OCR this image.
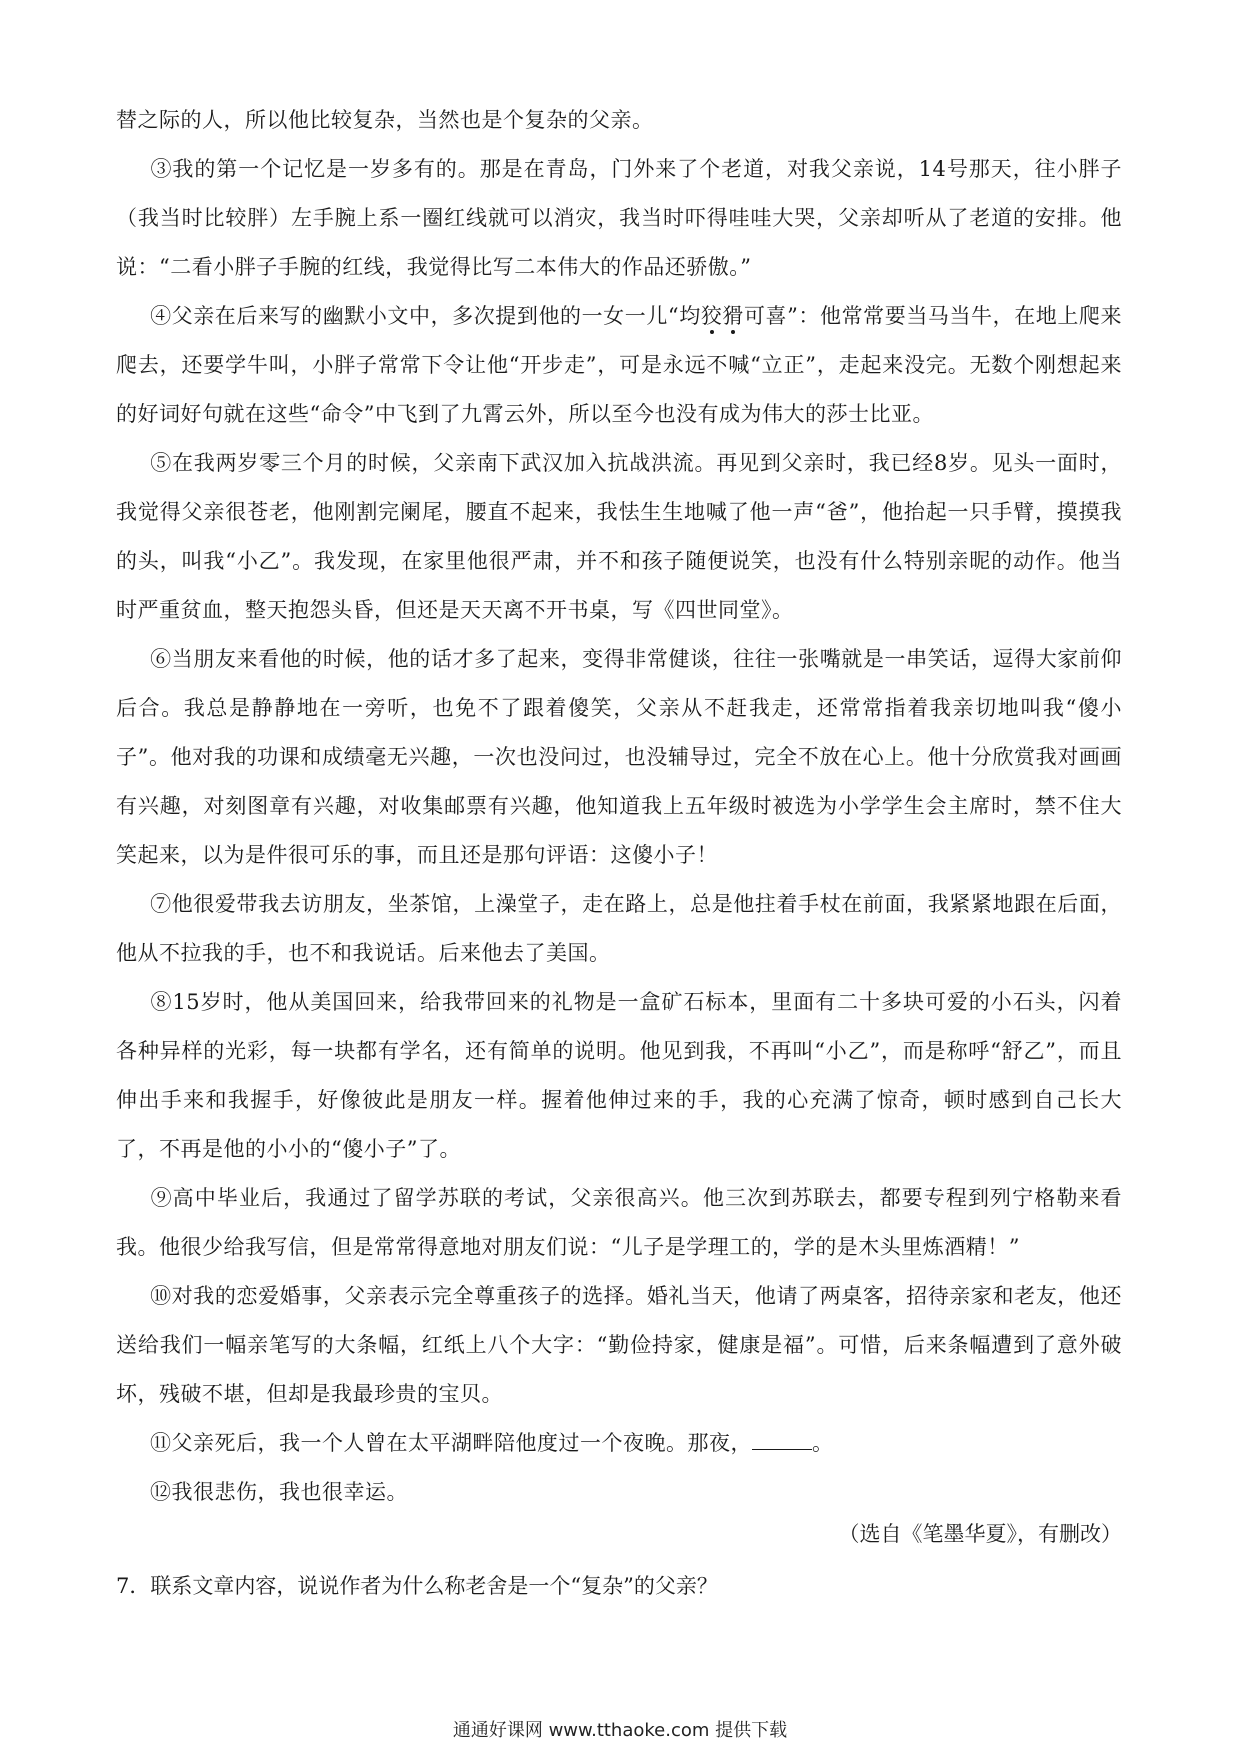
替之际的人，所以他比较复杂，当然也是个复杂的父亲。

③我的第一个记忆是一岁多有的。那是在青岛，门外来了个老道，对我父亲说，14号那天，往小胖子（我当时比较胖）左手腕上系一圈红线就可以消灾，我当时吓得哇哇大哭，父亲却听从了老道的安排。他说：“二看小胖子手腕的红线，我觉得比写二本伟大的作品还骄傲。”

④父亲在后来写的幽默小文中，多次提到他的一女一儿“均狡猾可喜”：他常常要当马当牛，在地上爬来爬去，还要学牛叫，小胖子常常下令让他“开步走”，可是永远不喊“立正”，走起来没完。无数个刚想起来的好词好句就在这些“命令”中飞到了九霄云外，所以至今也没有成为伟大的莎士比亚。

⑤在我两岁零三个月的时候，父亲南下武汉加入抗战洪流。再见到父亲时，我已经8岁。见头一面时，我觉得父亲很苍老，他刚割完阑尾，腰直不起来，我怯生生地喊了他一声“爸”，他抬起一只手臂，摸摸我的头，叫我“小乙”。我发现，在家里他很严肃，并不和孩子随便说笑，也没有什么特别亲昵的动作。他当时严重贫血，整天抱怨头昏，但还是天天离不开书桌，写《四世同堂》。

⑥当朋友来看他的时候，他的话才多了起来，变得非常健谈，往往一张嘴就是一串笑话，逗得大家前仰后合。我总是静静地在一旁听，也免不了跟着傻笑，父亲从不赶我走，还常常指着我亲切地叫我“傻小子”。他对我的功课和成绩毫无兴趣，一次也没问过，也没辅导过，完全不放在心上。他十分欣赏我对画画有兴趣，对刻图章有兴趣，对收集邮票有兴趣，他知道我上五年级时被选为小学学生会主席时，禁不住大笑起来，以为是件很可乐的事，而且还是那句评语：这傻小子！

⑦他很爱带我去访朋友，坐茶馆，上澡堂子，走在路上，总是他拄着手杖在前面，我紧紧地跟在后面，他从不拉我的手，也不和我说话。后来他去了美国。

⑧15岁时，他从美国回来，给我带回来的礼物是一盒矿石标本，里面有二十多块可爱的小石头，闪着各种异样的光彩，每一块都有学名，还有简单的说明。他见到我，不再叫“小乙”，而是称呼“舒乙”，而且伸出手来和我握手，好像彼此是朋友一样。握着他伸过来的手，我的心充满了惊奇，顿时感到自己长大了，不再是他的小小的“傻小子”了。

⑨高中毕业后，我通过了留学苏联的考试，父亲很高兴。他三次到苏联去，都要专程到列宁格勒来看我。他很少给我写信，但是常常得意地对朋友们说：“儿子是学理工的，学的是木头里炼酒精！”

⑩对我的恋爱婚事，父亲表示完全尊重孩子的选择。婚礼当天，他请了两桌客，招待亲家和老友，他还送给我们一幅亲笔写的大条幅，红纸上八个大字：“勤俭持家，健康是福”。可惜，后来条幅遭到了意外破坏，残破不堪，但却是我最珍贵的宝贝。

⑪父亲死后，我一个人曾在太平湖畔陪他度过一个夜晚。那夜，	。

⑫我很悲伤，我也很幸运。

（选自《笔墨华夏》，有删改）
7．联系文章内容，说说作者为什么称老舍是一个“复杂”的父亲？
通通好课网 www.tthaoke.com 提供下载
